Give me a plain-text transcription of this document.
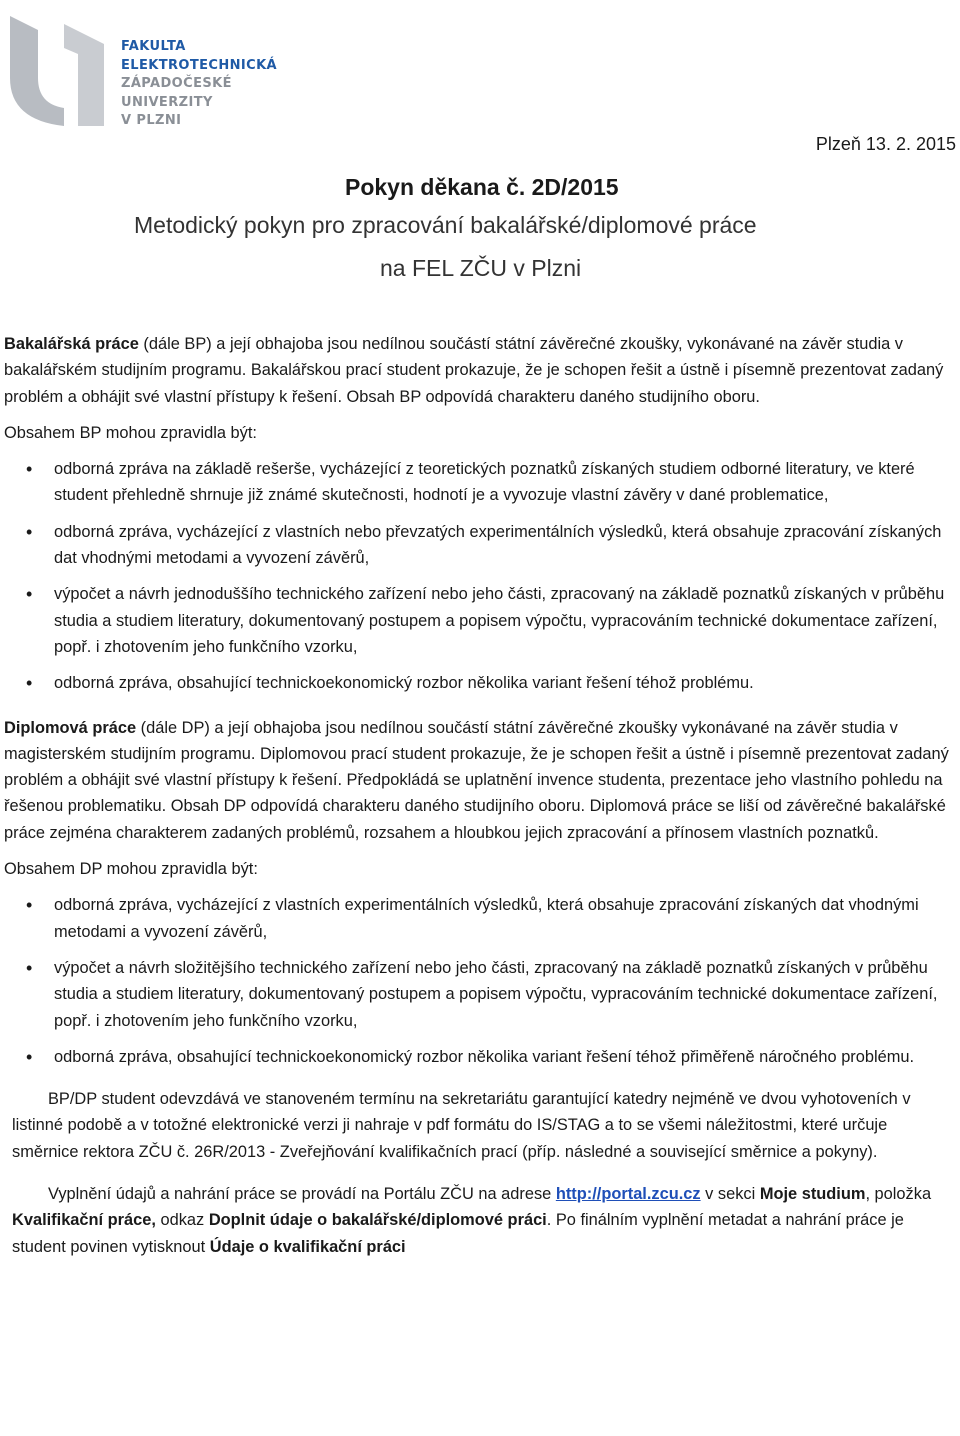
FAKULTA
ELEKTROTECHNICKÁ
ZÁPADOČESKÉ
UNIVERZITY
V PLZNI
Plzeň 13. 2. 2015
Pokyn děkana č. 2D/2015
Metodický pokyn pro zpracování bakalářské/diplomové práce
na FEL ZČU v Plzni

Bakalářská práce (dále BP) a její obhajoba jsou nedílnou součástí státní závěrečné zkoušky, vykonávané na závěr studia v bakalářském studijním programu. Bakalářskou prací student prokazuje, že je schopen řešit a ústně i písemně prezentovat zadaný problém a obhájit své vlastní přístupy k řešení. Obsah BP odpovídá charakteru daného studijního oboru.

Obsahem BP mohou zpravidla být:

• odborná zpráva na základě rešerše, vycházející z teoretických poznatků získaných studiem odborné literatury, ve které student přehledně shrnuje již známé skutečnosti, hodnotí je a vyvozuje vlastní závěry v dané problematice,
• odborná zpráva, vycházející z vlastních nebo převzatých experimentálních výsledků, která obsahuje zpracování získaných dat vhodnými metodami a vyvození závěrů,
• výpočet a návrh jednoduššího technického zařízení nebo jeho části, zpracovaný na základě poznatků získaných v průběhu studia a studiem literatury, dokumentovaný postupem a popisem výpočtu, vypracováním technické dokumentace zařízení, popř. i zhotovením jeho funkčního vzorku,
• odborná zpráva, obsahující technickoekonomický rozbor několika variant řešení téhož problému.

Diplomová práce (dále DP) a její obhajoba jsou nedílnou součástí státní závěrečné zkoušky vykonávané na závěr studia v magisterském studijním programu. Diplomovou prací student prokazuje, že je schopen řešit a ústně i písemně prezentovat zadaný problém a obhájit své vlastní přístupy k řešení. Předpokládá se uplatnění invence studenta, prezentace jeho vlastního pohledu na řešenou problematiku. Obsah DP odpovídá charakteru daného studijního oboru. Diplomová práce se liší od závěrečné bakalářské práce zejména charakterem zadaných problémů, rozsahem a hloubkou jejich zpracování a přínosem vlastních poznatků.

Obsahem DP mohou zpravidla být:

• odborná zpráva, vycházející z vlastních experimentálních výsledků, která obsahuje zpracování získaných dat vhodnými metodami a vyvození závěrů,
• výpočet a návrh složitějšího technického zařízení nebo jeho části, zpracovaný na základě poznatků získaných v průběhu studia a studiem literatury, dokumentovaný postupem a popisem výpočtu, vypracováním technické dokumentace zařízení, popř. i zhotovením jeho funkčního vzorku,
• odborná zpráva, obsahující technickoekonomický rozbor několika variant řešení téhož přiměřeně náročného problému.

BP/DP student odevzdává ve stanoveném termínu na sekretariátu garantující katedry nejméně ve dvou vyhotoveních v listinné podobě a v totožné elektronické verzi ji nahraje v pdf formátu do IS/STAG a to se všemi náležitostmi, které určuje směrnice rektora ZČU č. 26R/2013 - Zveřejňování kvalifikačních prací (příp. následné a související směrnice a pokyny).

Vyplnění údajů a nahrání práce se provádí na Portálu ZČU na adrese http://portal.zcu.cz v sekci Moje studium, položka Kvalifikační práce, odkaz Doplnit údaje o bakalářské/diplomové práci. Po finálním vyplnění metadat a nahrání práce je student povinen vytisknout Údaje o kvalifikační práci
